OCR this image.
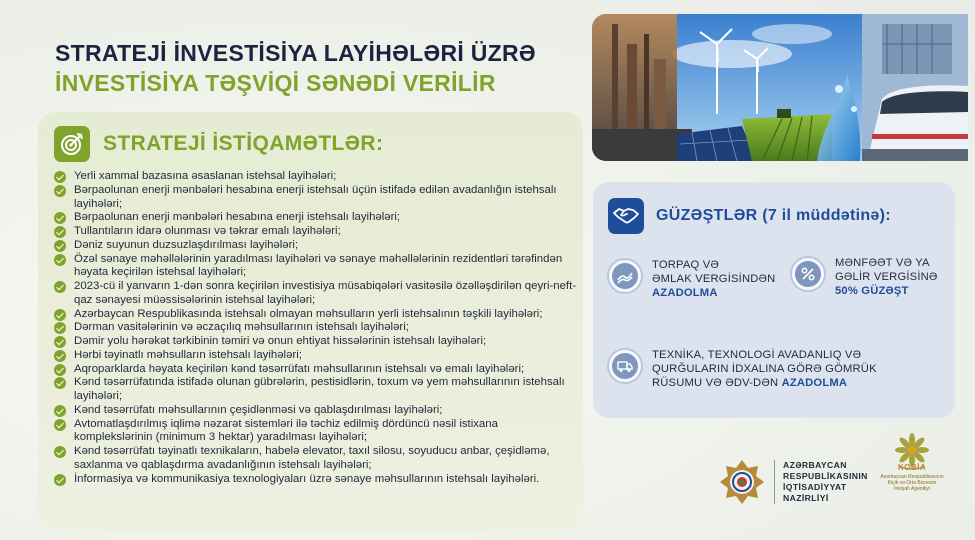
STRATEJİ İNVESTİSİYA LAYİHƏLƏRİ ÜZRƏ
İNVESTİSİYA TƏŞVİQİ SƏNƏDİ VERİLİR
STRATEJİ İSTİQAMƏTLƏR:
Yerli xammal bazasına əsaslanan istehsal layihələri;
Bərpaolunan enerji mənbələri hesabına enerji istehsalı üçün istifadə edilən avadanlığın istehsalı layihələri;
Bərpaolunan enerji mənbələri hesabına enerji istehsalı layihələri;
Tullantıların idarə olunması və təkrar emalı layihələri;
Dəniz suyunun duzsuzlaşdırılması layihələri;
Özəl sənaye məhəllələrinin yaradılması layihələri və sənaye məhəllələrinin rezidentləri tərəfindən həyata keçirilən istehsal layihələri;
2023-cü il yanvarın 1-dən sonra keçirilən investisiya müsabiqələri vasitəsilə özəlləşdirilən qeyri-neft-qaz sənayesi müəssisələrinin istehsal layihələri;
Azərbaycan Respublikasında istehsalı olmayan məhsulların yerli istehsalının təşkili layihələri;
Dərman vasitələrinin və əczaçılıq məhsullarının istehsalı layihələri;
Dəmir yolu hərəkət tərkibinin təmiri və onun ehtiyat hissələrinin istehsalı layihələri;
Hərbi təyinatlı məhsulların istehsalı layihələri;
Aqroparklarda həyata keçirilən kənd təsərrüfatı məhsullarının istehsalı və emalı layihələri;
Kənd təsərrüfatında istifadə olunan gübrələrin, pestisidlərin, toxum və yem məhsullarının istehsalı layihələri;
Kənd təsərrüfatı məhsullarının çeşidlənməsi və qablaşdırılması layihələri;
Avtomatlaşdırılmış iqlimə nəzarət sistemləri ilə təchiz edilmiş dördüncü nəsil istixana komplekslərinin (minimum 3 hektar) yaradılması layihələri;
Kənd təsərrüfatı təyinatlı texnikaların, habelə elevator, taxıl silosu, soyuducu anbar, çeşidləmə, saxlanma və qablaşdırma avadanlığının istehsalı layihələri;
İnformasiya və kommunikasiya texnologiyaları üzrə sənaye məhsullarının istehsalı layihələri.
GÜZƏŞTLƏR (7 il müddətinə):
TORPAQ VƏ
ƏMLAK VERGİSİNDƏN
AZADOLMA
MƏNFƏƏT VƏ YA
GƏLİR VERGİSİNƏ
50% GÜZƏŞT
TEXNİKA, TEXNOLOGİ AVADANLIQ VƏ
QURĞULARIN İDXALINA GÖRƏ GÖMRÜK
RÜSUMU VƏ ƏDV-DƏN AZADOLMA
AZƏRBAYCAN
RESPUBLİKASININ
İQTİSADİYYAT
NAZİRLİYİ
KOBİA
Azərbaycan Respublikasının
Kiçik və Orta Biznesin
İnkişafı Agentliyi
